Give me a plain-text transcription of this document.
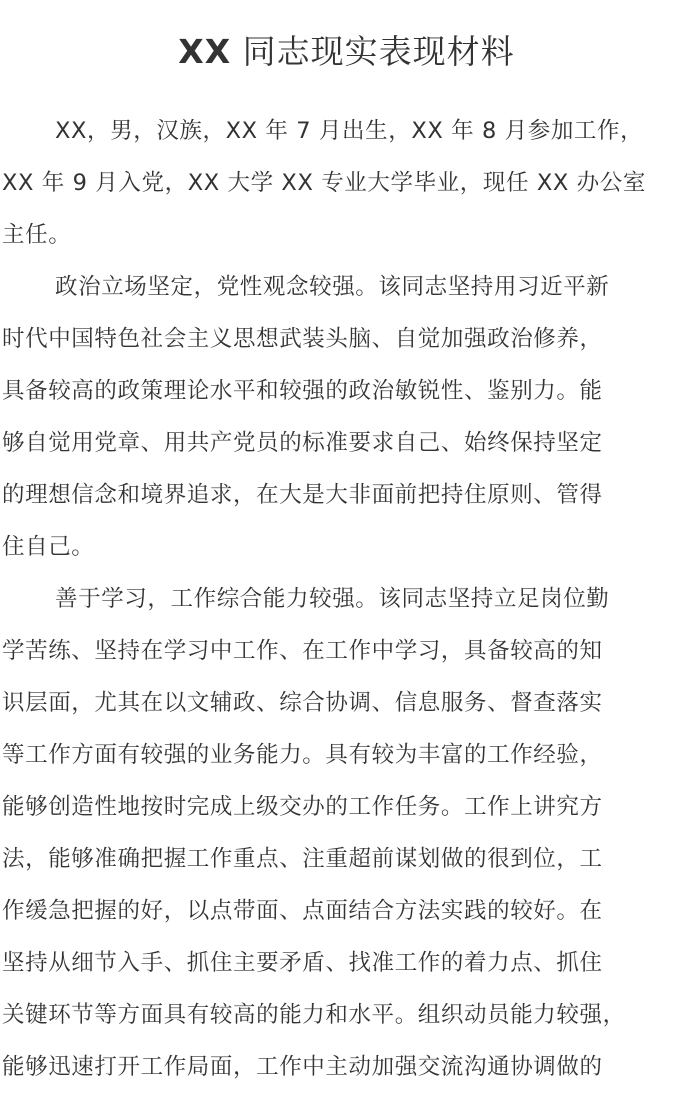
XX 同志现实表现材料
XX，男，汉族，XX 年 7 月出生，XX 年 8 月参加工作，
XX 年 9 月入党，XX 大学 XX 专业大学毕业，现任 XX 办公室
主任。
政治立场坚定，党性观念较强。该同志坚持用习近平新
时代中国特色社会主义思想武装头脑、自觉加强政治修养，
具备较高的政策理论水平和较强的政治敏锐性、鉴别力。能
够自觉用党章、用共产党员的标准要求自己、始终保持坚定
的理想信念和境界追求，在大是大非面前把持住原则、管得
住自己。
善于学习，工作综合能力较强。该同志坚持立足岗位勤
学苦练、坚持在学习中工作、在工作中学习，具备较高的知
识层面，尤其在以文辅政、综合协调、信息服务、督查落实
等工作方面有较强的业务能力。具有较为丰富的工作经验，
能够创造性地按时完成上级交办的工作任务。工作上讲究方
法，能够准确把握工作重点、注重超前谋划做的很到位，工
作缓急把握的好，以点带面、点面结合方法实践的较好。在
坚持从细节入手、抓住主要矛盾、找准工作的着力点、抓住
关键环节等方面具有较高的能力和水平。组织动员能力较强，
能够迅速打开工作局面，工作中主动加强交流沟通协调做的
